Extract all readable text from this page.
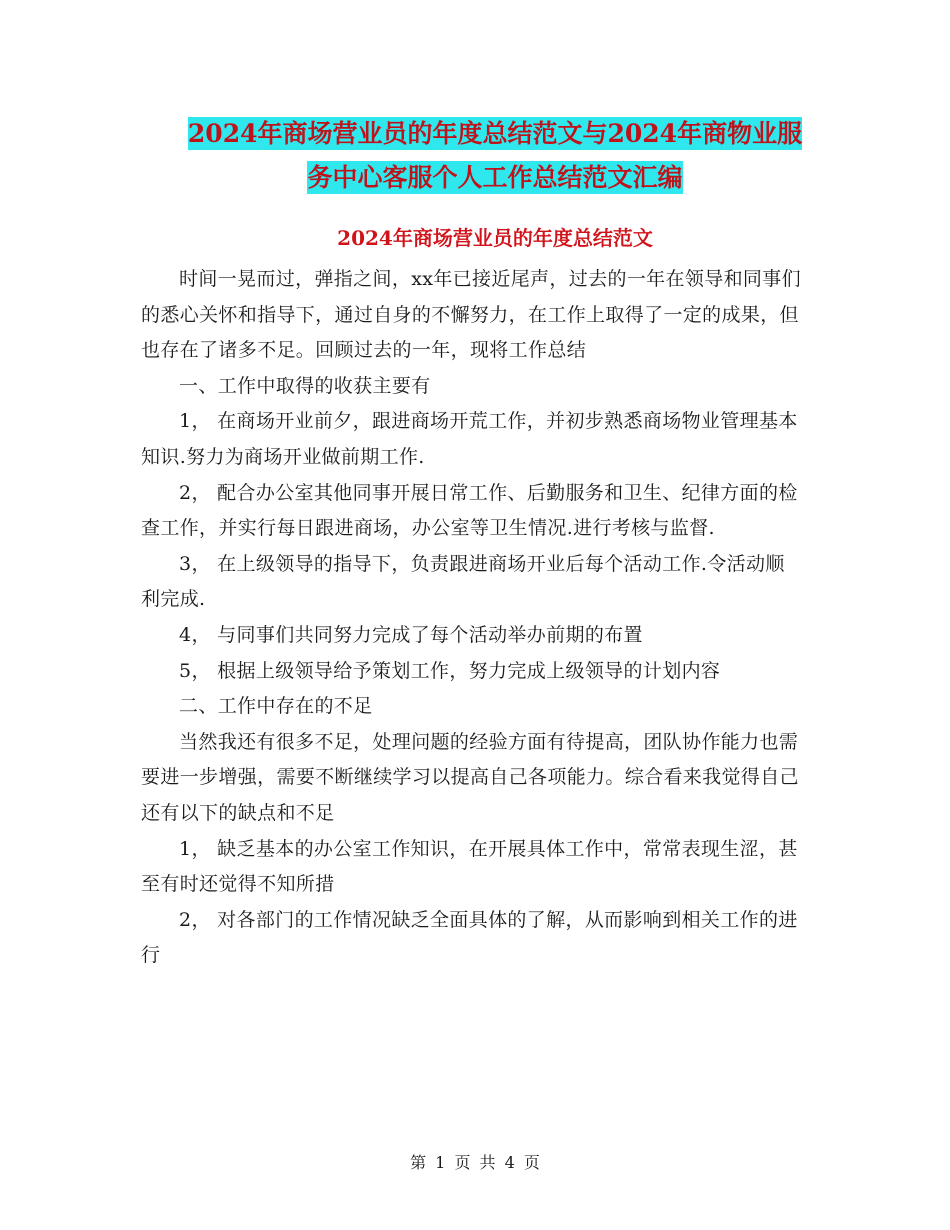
2024年商场营业员的年度总结范文与2024年商物业服
务中心客服个人工作总结范文汇编
2024年商场营业员的年度总结范文

时间一晃而过，弹指之间，xx年已接近尾声，过去的一年在领导和同事们的悉心关怀和指导下，通过自身的不懈努力，在工作上取得了一定的成果，但也存在了诸多不足。回顾过去的一年，现将工作总结

一、工作中取得的收获主要有

1， 在商场开业前夕，跟进商场开荒工作，并初步熟悉商场物业管理基本知识.努力为商场开业做前期工作.

2， 配合办公室其他同事开展日常工作、后勤服务和卫生、纪律方面的检查工作，并实行每日跟进商场，办公室等卫生情况.进行考核与监督.

3， 在上级领导的指导下，负责跟进商场开业后每个活动工作.令活动顺利完成.

4， 与同事们共同努力完成了每个活动举办前期的布置

5， 根据上级领导给予策划工作，努力完成上级领导的计划内容

二、工作中存在的不足

当然我还有很多不足，处理问题的经验方面有待提高，团队协作能力也需要进一步增强，需要不断继续学习以提高自己各项能力。综合看来我觉得自己还有以下的缺点和不足

1， 缺乏基本的办公室工作知识，在开展具体工作中，常常表现生涩，甚至有时还觉得不知所措

2， 对各部门的工作情况缺乏全面具体的了解，从而影响到相关工作的进行

第 1 页 共 4 页
